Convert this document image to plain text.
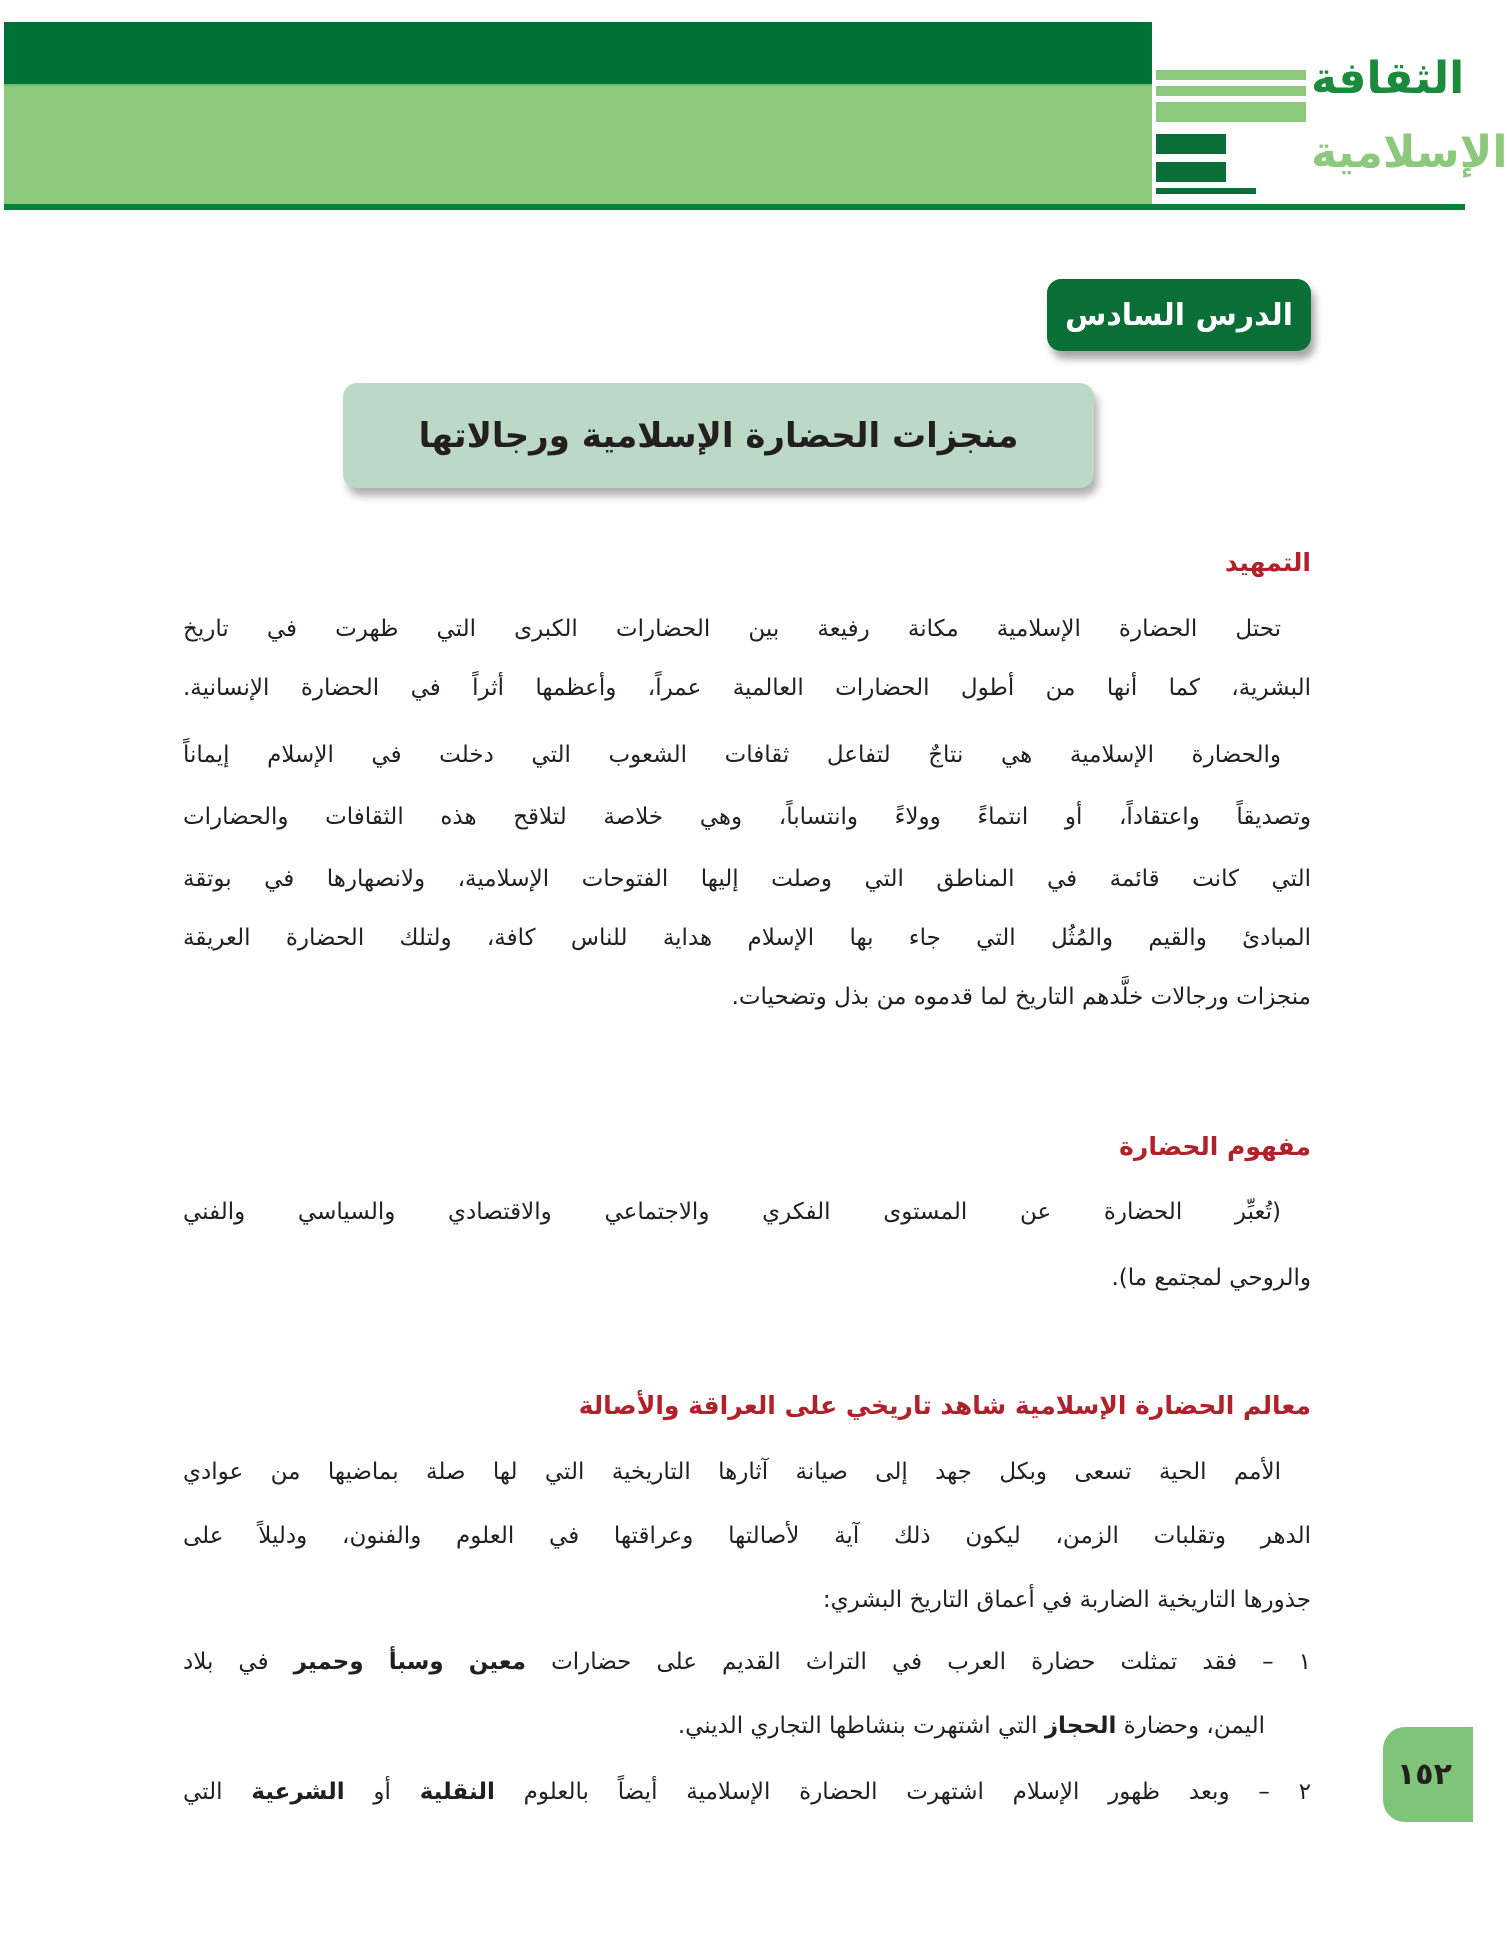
الثقافة
الإسلامية
الدرس السادس
منجزات الحضارة الإسلامية ورجالاتها
التمهيد
تحتل الحضارة الإسلامية مكانة رفيعة بين الحضارات الكبرى التي ظهرت في تاريخ
البشرية، كما أنها من أطول الحضارات العالمية عمراً، وأعظمها أثراً في الحضارة الإنسانية.
والحضارة الإسلامية هي نتاجٌ لتفاعل ثقافات الشعوب التي دخلت في الإسلام إيماناً
وتصديقاً واعتقاداً، أو انتماءً وولاءً وانتساباً، وهي خلاصة لتلاقح هذه الثقافات والحضارات
التي كانت قائمة في المناطق التي وصلت إليها الفتوحات الإسلامية، ولانصهارها في بوتقة
المبادئ والقيم والمُثُل التي جاء بها الإسلام هداية للناس كافة، ولتلك الحضارة العريقة
منجزات ورجالات خلَّدهم التاريخ لما قدموه من بذل وتضحيات.
مفهوم الحضارة
(تُعبِّر الحضارة عن المستوى الفكري والاجتماعي والاقتصادي والسياسي والفني
والروحي لمجتمع ما).
معالم الحضارة الإسلامية شاهد تاريخي على العراقة والأصالة
الأمم الحية تسعى وبكل جهد إلى صيانة آثارها التاريخية التي لها صلة بماضيها من عوادي
الدهر وتقلبات الزمن، ليكون ذلك آية لأصالتها وعراقتها في العلوم والفنون، ودليلاً على
جذورها التاريخية الضاربة في أعماق التاريخ البشري:
١ – فقد تمثلت حضارة العرب في التراث القديم على حضارات معين وسبأ وحمير في بلاد
اليمن، وحضارة الحجاز التي اشتهرت بنشاطها التجاري الديني.
٢ – وبعد ظهور الإسلام اشتهرت الحضارة الإسلامية أيضاً بالعلوم النقلية أو الشرعية التي	١٥٢
